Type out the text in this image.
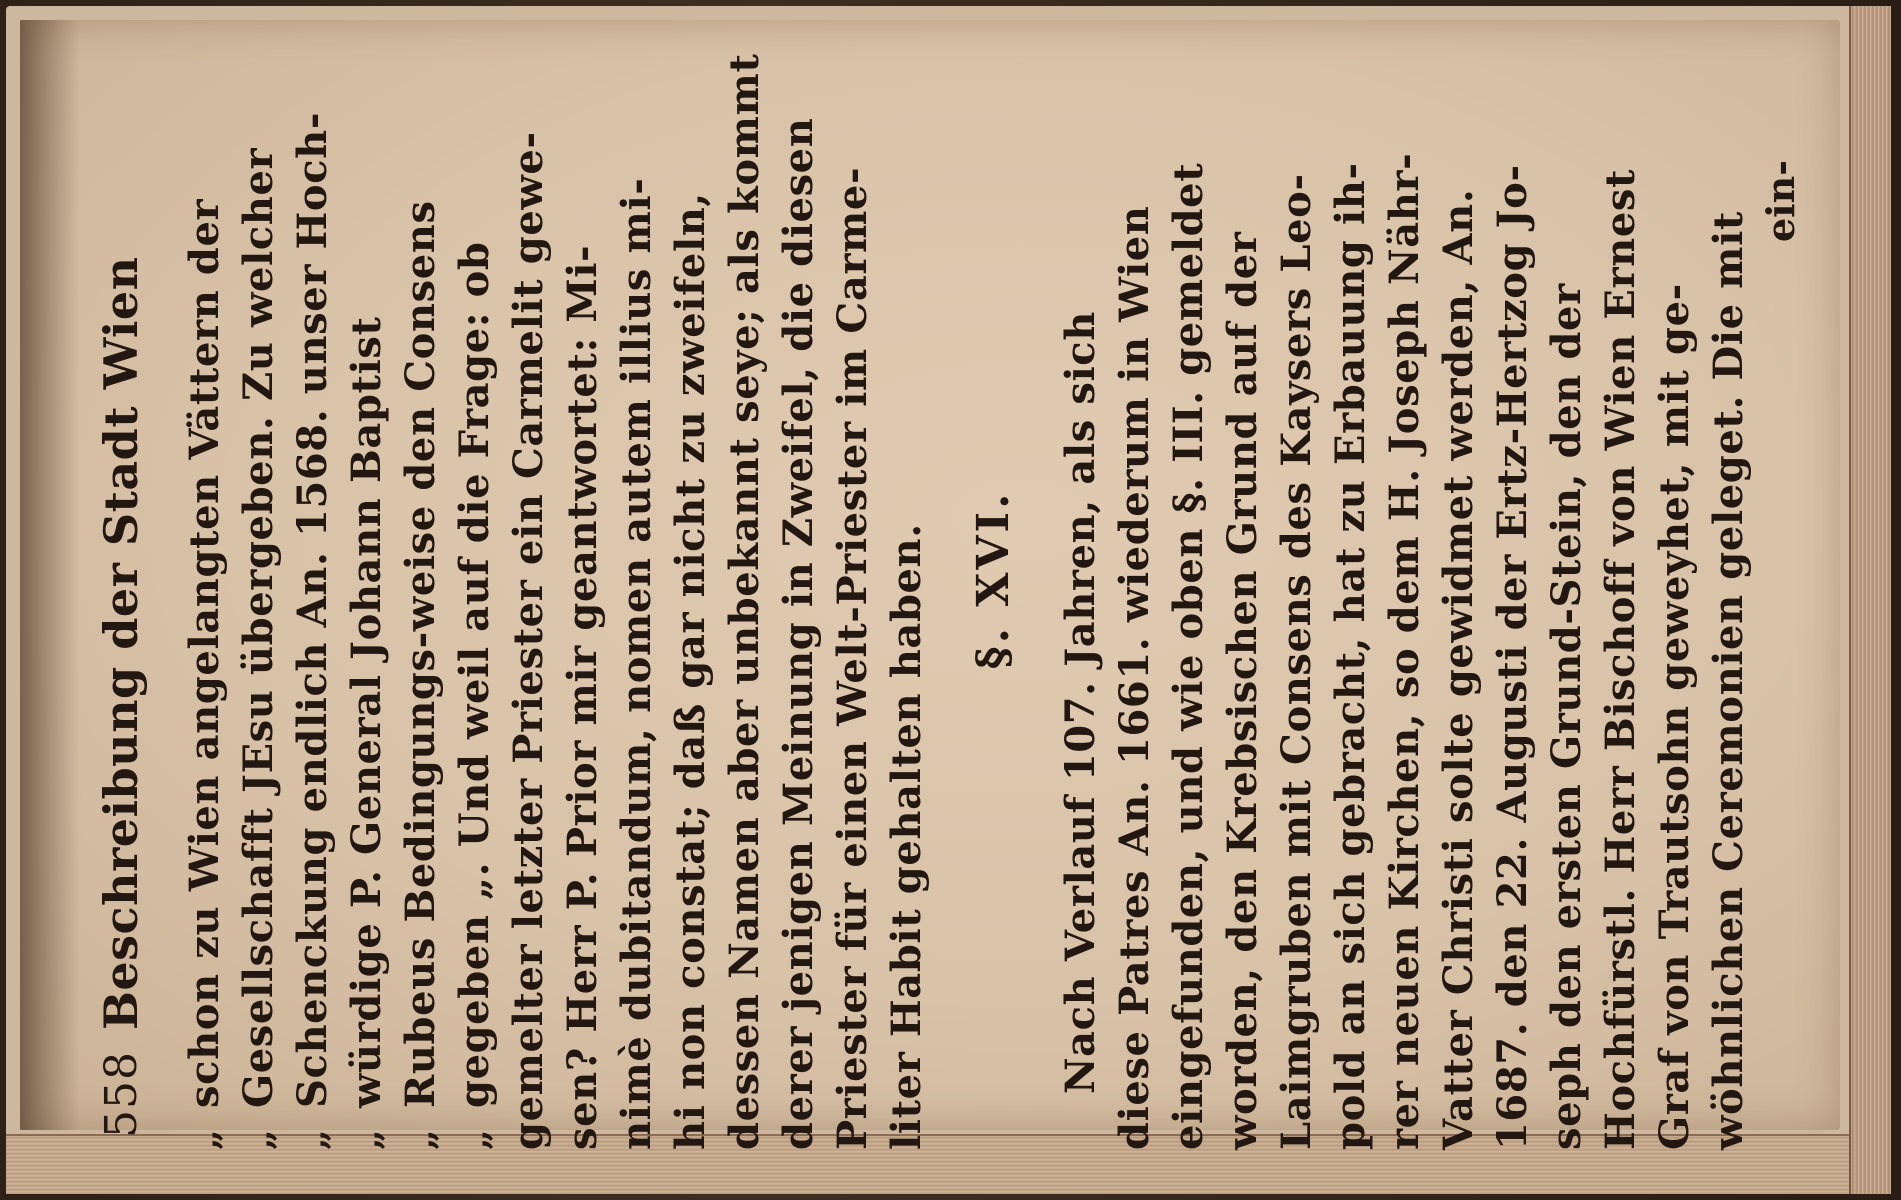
558
Beschreibung der Stadt Wien
„schon zu Wien angelangten Vättern der
„Gesellschafft JEsu übergeben. Zu welcher
„Schenckung endlich An. 1568. unser Hoch-
„würdige P. General Johann Baptist
„Rubeus Bedingungs-weise den Consens
„gegeben „. Und weil auf die Frage: ob gemelter letzter Priester ein Carmelit gewe- sen? Herr P. Prior mir geantwortet: Mi- nimè dubitandum, nomen autem illius mi- hi non constat; daß gar nicht zu zweifeln, dessen Namen aber unbekannt seye; als kommt derer jenigen Meinung in Zweifel, die diesen Priester für einen Welt-Priester im Carme- liter Habit gehalten haben. §. XVI. Nach Verlauf 107. Jahren, als sich diese Patres An. 1661. wiederum in Wien eingefunden, und wie oben §. III. gemeldet worden, den Krebsischen Grund auf der Laimgruben mit Consens des Kaysers Leo- pold an sich gebracht, hat zu Erbauung ih- rer neuen Kirchen, so dem H. Joseph Nähr- Vatter Christi solte gewidmet werden, An. 1687. den 22. Augusti der Ertz-Hertzog Jo- seph den ersten Grund-Stein, den der Hochfürstl. Herr Bischoff von Wien Ernest Graf von Trautsohn geweyhet, mit ge- wöhnlichen Ceremonien geleget. Die mit
ein-
